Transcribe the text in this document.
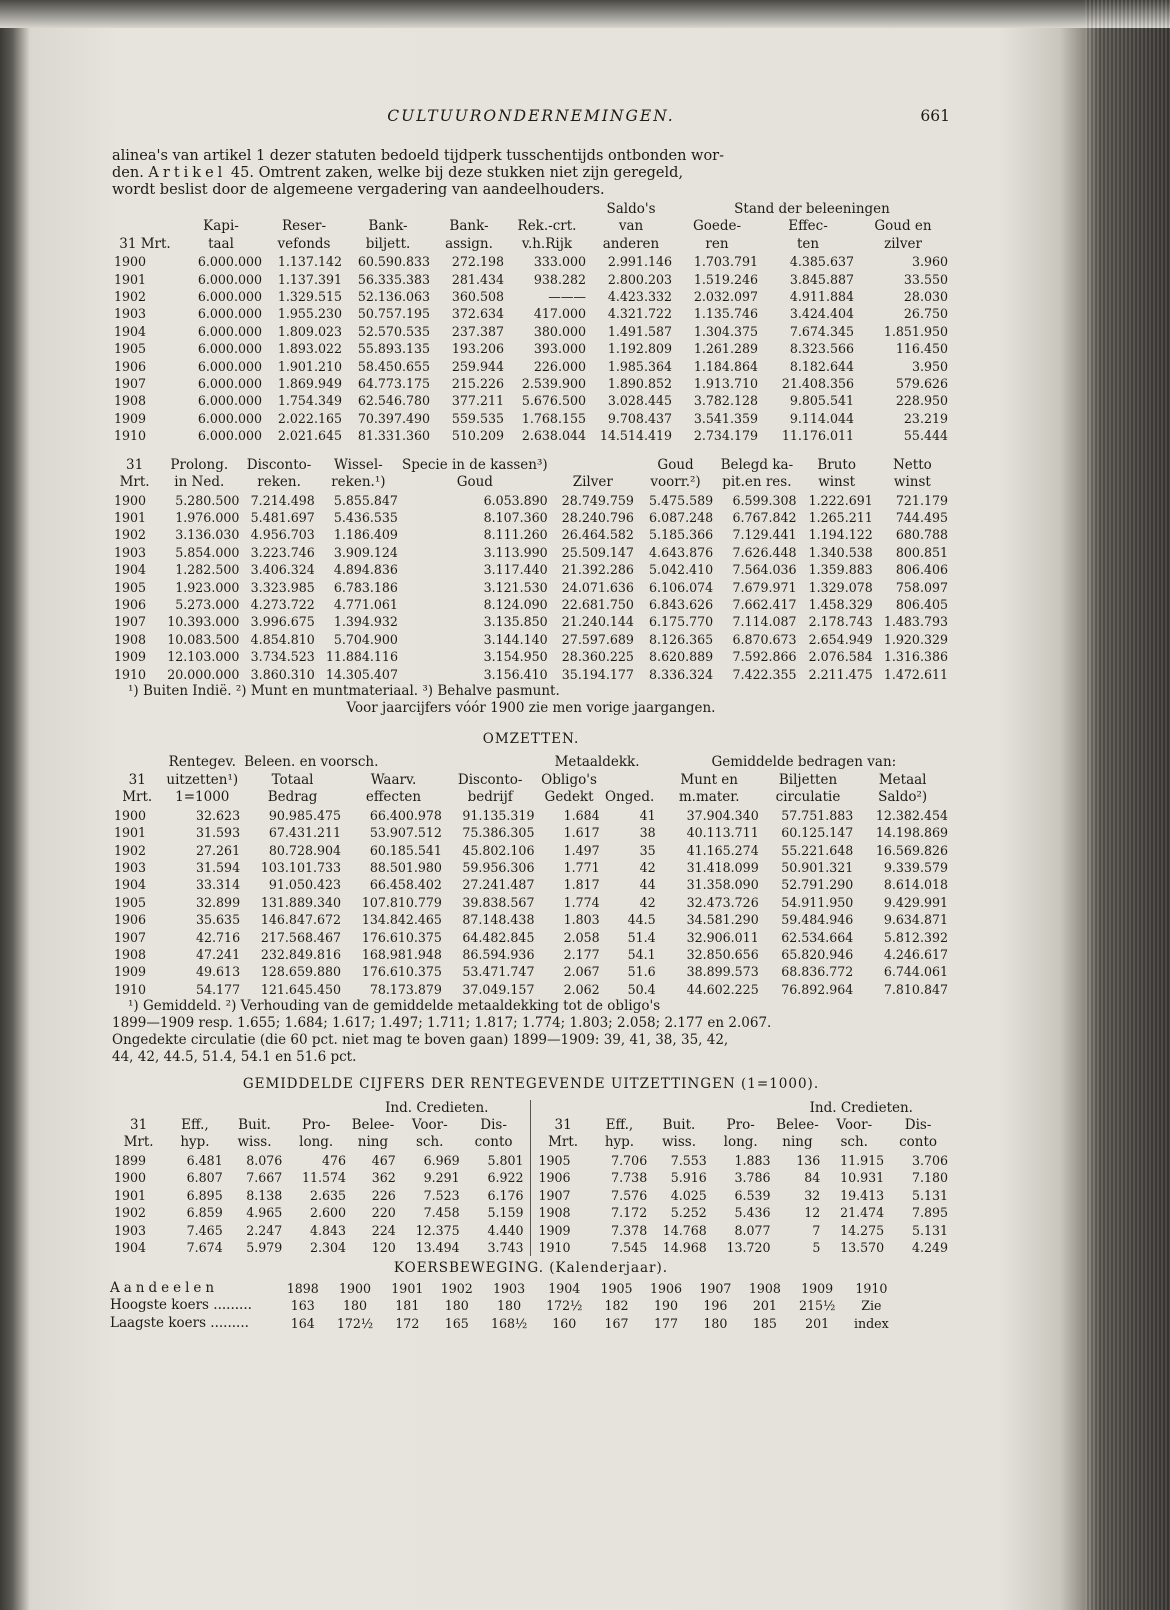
CULTUURONDERNEMINGEN.	661

alinea's van artikel 1 dezer statuten bedoeld tijdperk tusschentijds ontbonden wor-
den. Artikel 45. Omtrent zaken, welke bij deze stukken niet zijn geregeld,
wordt beslist door de algemeene vergadering van aandeelhouders.

						Saldo's	Stand der beleeningen		
	Kapi-	Reser-	Bank-	Bank-	Rek.-crt.	van	Goede-	Effec-	Goud en
31 Mrt.	taal	vefonds	biljett.	assign.	v.h.Rijk	anderen	ren	ten	zilver
1900	6.000.000	1.137.142	60.590.833	272.198	333.000	2.991.146	1.703.791	4.385.637	3.960
1901	6.000.000	1.137.391	56.335.383	281.434	938.282	2.800.203	1.519.246	3.845.887	33.550
1902	6.000.000	1.329.515	52.136.063	360.508	———	4.423.332	2.032.097	4.911.884	28.030
1903	6.000.000	1.955.230	50.757.195	372.634	417.000	4.321.722	1.135.746	3.424.404	26.750
1904	6.000.000	1.809.023	52.570.535	237.387	380.000	1.491.587	1.304.375	7.674.345	1.851.950
1905	6.000.000	1.893.022	55.893.135	193.206	393.000	1.192.809	1.261.289	8.323.566	116.450
1906	6.000.000	1.901.210	58.450.655	259.944	226.000	1.985.364	1.184.864	8.182.644	3.950
1907	6.000.000	1.869.949	64.773.175	215.226	2.539.900	1.890.852	1.913.710	21.408.356	579.626
1908	6.000.000	1.754.349	62.546.780	377.211	5.676.500	3.028.445	3.782.128	9.805.541	228.950
1909	6.000.000	2.022.165	70.397.490	559.535	1.768.155	9.708.437	3.541.359	9.114.044	23.219
1910	6.000.000	2.021.645	81.331.360	510.209	2.638.044	14.514.419	2.734.179	11.176.011	55.444
31	Prolong.	Disconto-	Wissel-	Specie in de kassen³)		Goud	Belegd ka-	Bruto	Netto
Mrt.	in Ned.	reken.	reken.¹)	Goud	Zilver	voorr.²)	pit.en res.	winst	winst
1900	5.280.500	7.214.498	5.855.847	6.053.890	28.749.759	5.475.589	6.599.308	1.222.691	721.179
1901	1.976.000	5.481.697	5.436.535	8.107.360	28.240.796	6.087.248	6.767.842	1.265.211	744.495
1902	3.136.030	4.956.703	1.186.409	8.111.260	26.464.582	5.185.366	7.129.441	1.194.122	680.788
1903	5.854.000	3.223.746	3.909.124	3.113.990	25.509.147	4.643.876	7.626.448	1.340.538	800.851
1904	1.282.500	3.406.324	4.894.836	3.117.440	21.392.286	5.042.410	7.564.036	1.359.883	806.406
1905	1.923.000	3.323.985	6.783.186	3.121.530	24.071.636	6.106.074	7.679.971	1.329.078	758.097
1906	5.273.000	4.273.722	4.771.061	8.124.090	22.681.750	6.843.626	7.662.417	1.458.329	806.405
1907	10.393.000	3.996.675	1.394.932	3.135.850	21.240.144	6.175.770	7.114.087	2.178.743	1.483.793
1908	10.083.500	4.854.810	5.704.900	3.144.140	27.597.689	8.126.365	6.870.673	2.654.949	1.920.329
1909	12.103.000	3.734.523	11.884.116	3.154.950	28.360.225	8.620.889	7.592.866	2.076.584	1.316.386
1910	20.000.000	3.860.310	14.305.407	3.156.410	35.194.177	8.336.324	7.422.355	2.211.475	1.472.611

¹) Buiten Indië. ²) Munt en muntmateriaal. ³) Behalve pasmunt.

Voor jaarcijfers vóór 1900 zie men vorige jaargangen.

OMZETTEN.
	Rentegev.	Beleen. en voorsch.			Metaaldekk.		Gemiddelde bedragen van:		
31	uitzetten¹)	Totaal	Waarv.	Disconto-	Obligo's		Munt en	Biljetten	Metaal
Mrt.	1=1000	Bedrag	effecten	bedrijf	Gedekt	Onged.	m.mater.	circulatie	Saldo²)
1900	32.623	90.985.475	66.400.978	91.135.319	1.684	41	37.904.340	57.751.883	12.382.454
1901	31.593	67.431.211	53.907.512	75.386.305	1.617	38	40.113.711	60.125.147	14.198.869
1902	27.261	80.728.904	60.185.541	45.802.106	1.497	35	41.165.274	55.221.648	16.569.826
1903	31.594	103.101.733	88.501.980	59.956.306	1.771	42	31.418.099	50.901.321	9.339.579
1904	33.314	91.050.423	66.458.402	27.241.487	1.817	44	31.358.090	52.791.290	8.614.018
1905	32.899	131.889.340	107.810.779	39.838.567	1.774	42	32.473.726	54.911.950	9.429.991
1906	35.635	146.847.672	134.842.465	87.148.438	1.803	44.5	34.581.290	59.484.946	9.634.871
1907	42.716	217.568.467	176.610.375	64.482.845	2.058	51.4	32.906.011	62.534.664	5.812.392
1908	47.241	232.849.816	168.981.948	86.594.936	2.177	54.1	32.850.656	65.820.946	4.246.617
1909	49.613	128.659.880	176.610.375	53.471.747	2.067	51.6	38.899.573	68.836.772	6.744.061
1910	54.177	121.645.450	78.173.879	37.049.157	2.062	50.4	44.602.225	76.892.964	7.810.847

¹) Gemiddeld. ²) Verhouding van de gemiddelde metaaldekking tot de obligo's

1899—1909 resp. 1.655; 1.684; 1.617; 1.497; 1.711; 1.817; 1.774; 1.803; 2.058; 2.177 en 2.067.

Ongedekte circulatie (die 60 pct. niet mag te boven gaan) 1899—1909: 39, 41, 38, 35, 42,

44, 42, 44.5, 51.4, 54.1 en 51.6 pct.

GEMIDDELDE CIJFERS DER RENTEGEVENDE UITZETTINGEN (1=1000).
				Ind. Credieten.		
31	Eff.,	Buit.	Pro-	Belee-	Voor-	Dis-
Mrt.	hyp.	wiss.	long.	ning	sch.	conto
1899	6.481	8.076	476	467	6.969	5.801
1900	6.807	7.667	11.574	362	9.291	6.922
1901	6.895	8.138	2.635	226	7.523	6.176
1902	6.859	4.965	2.600	220	7.458	5.159
1903	7.465	2.247	4.843	224	12.375	4.440
1904	7.674	5.979	2.304	120	13.494	3.743
				Ind. Credieten.		
31	Eff.,	Buit.	Pro-	Belee-	Voor-	Dis-
Mrt.	hyp.	wiss.	long.	ning	sch.	conto
1905	7.706	7.553	1.883	136	11.915	3.706
1906	7.738	5.916	3.786	84	10.931	7.180
1907	7.576	4.025	6.539	32	19.413	5.131
1908	7.172	5.252	5.436	12	21.474	7.895
1909	7.378	14.768	8.077	7	14.275	5.131
1910	7.545	14.968	13.720	5	13.570	4.249
KOERSBEWEGING. (Kalenderjaar).
Aandeelen	1898	1900	1901	1902	1903	1904	1905	1906	1907	1908	1909	1910
Hoogste koers .........	163	180	181	180	180	172½	182	190	196	201	215½	Zie
Laagste koers .........	164	172½	172	165	168½	160	167	177	180	185	201	index
